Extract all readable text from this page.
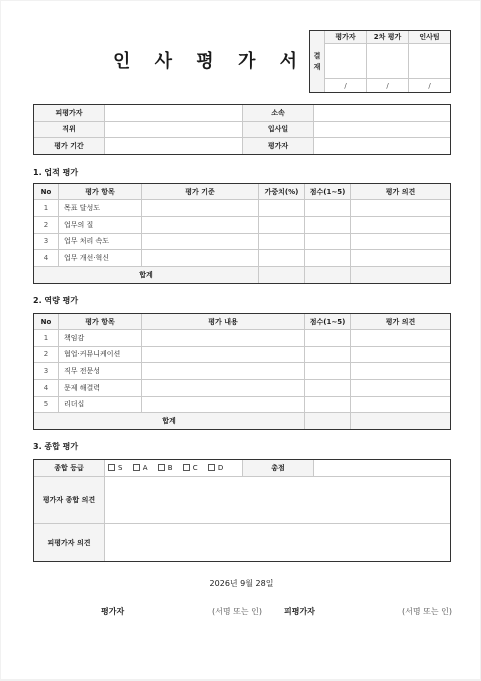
인 사 평 가 서 결재	평가자	2차 평가	인사팀

	/	/	/
피평가자		소속	
직위		입사일	
평가 기간		평가자	
1. 업적 평가
No	평가 항목	평가 기준	가중치(%)	점수(1~5)	평가 의견
1	목표 달성도				
2	업무의 질				
3	업무 처리 속도				
4	업무 개선·혁신				
합계					
2. 역량 평가
No	평가 항목	평가 내용	점수(1~5)	평가 의견
1	책임감			
2	협업·커뮤니케이션			
3	직무 전문성			
4	문제 해결력			
5	리더십			
합계				
3. 종합 평가
종합 등급	S A B C D	총점	
평가자 종합 의견			
피평가자 의견			
2026년 9월 28일
평가자	(서명 또는 인)	피평가자	(서명 또는 인)
